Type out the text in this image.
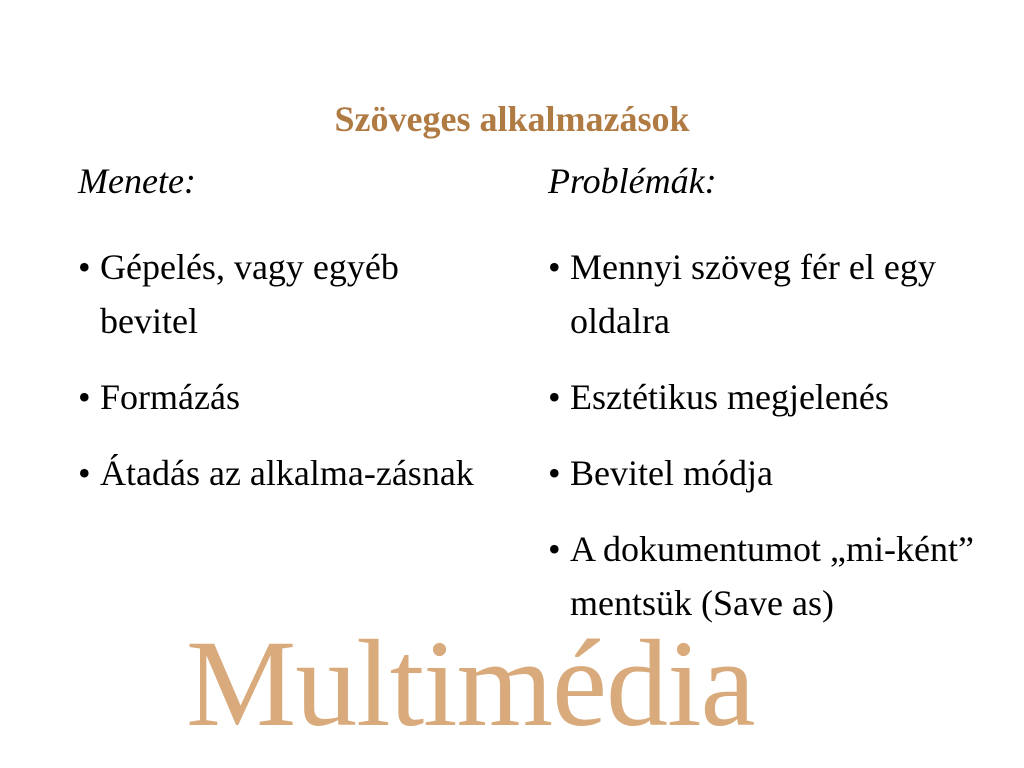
Multimédia
Szöveges alkalmazások
Menete:
• Gépelés, vagy egyéb bevitel
• Formázás
• Átadás az alkalma-zásnak
Problémák:
• Mennyi szöveg fér el egy oldalra
• Esztétikus megjelenés
• Bevitel módja
• A dokumentumot „mi-ként” mentsük (Save as)
